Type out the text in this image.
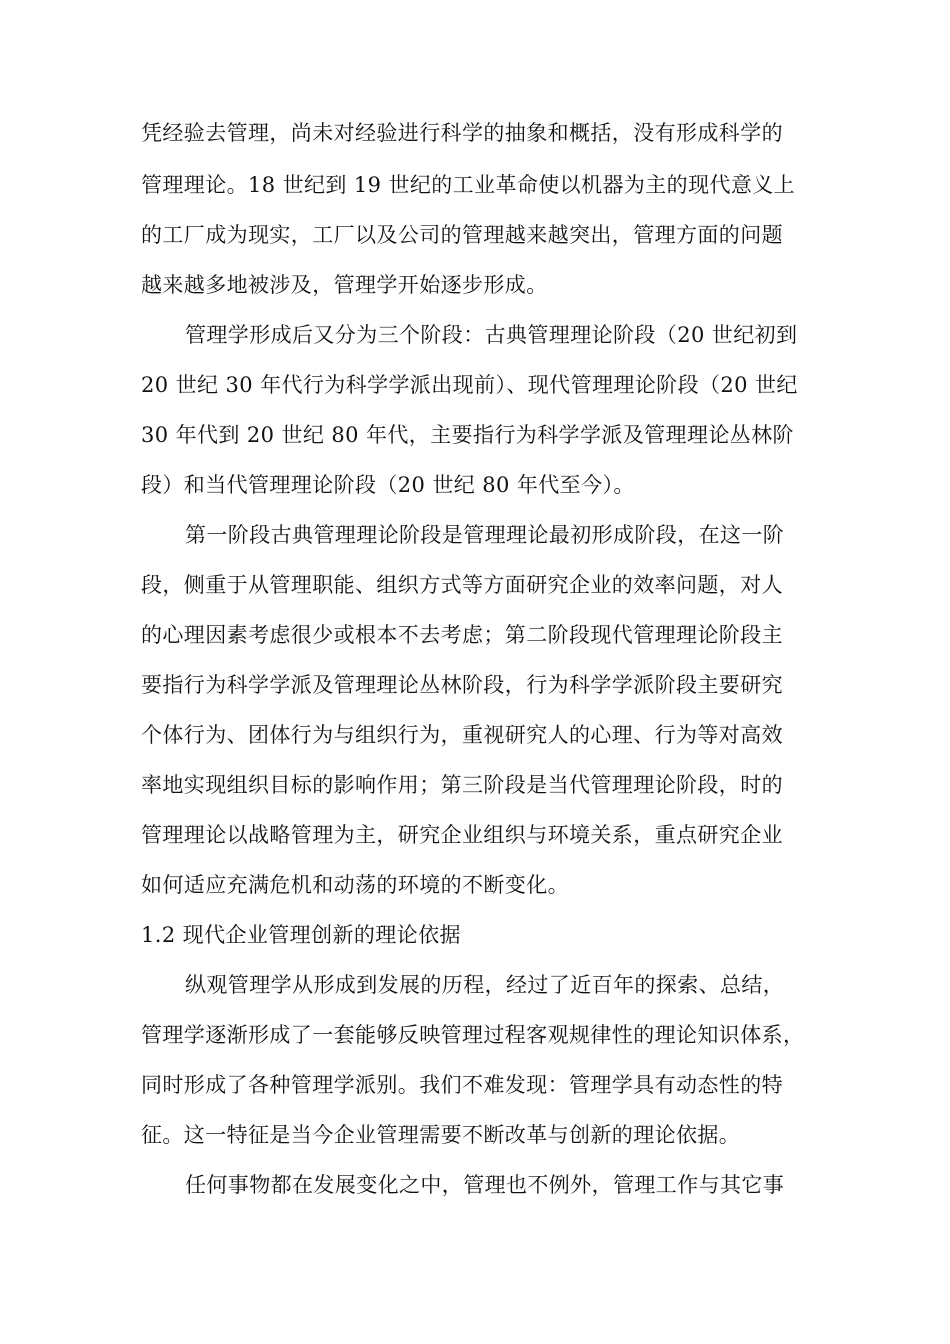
凭经验去管理，尚未对经验进行科学的抽象和概括，没有形成科学的
管理理论。18 世纪到 19 世纪的工业革命使以机器为主的现代意义上
的工厂成为现实，工厂以及公司的管理越来越突出，管理方面的问题
越来越多地被涉及，管理学开始逐步形成。
管理学形成后又分为三个阶段：古典管理理论阶段（20 世纪初到
20 世纪 30 年代行为科学学派出现前）、现代管理理论阶段（20 世纪
30 年代到 20 世纪 80 年代，主要指行为科学学派及管理理论丛林阶
段）和当代管理理论阶段（20 世纪 80 年代至今）。
第一阶段古典管理理论阶段是管理理论最初形成阶段，在这一阶
段，侧重于从管理职能、组织方式等方面研究企业的效率问题，对人
的心理因素考虑很少或根本不去考虑；第二阶段现代管理理论阶段主
要指行为科学学派及管理理论丛林阶段，行为科学学派阶段主要研究
个体行为、团体行为与组织行为，重视研究人的心理、行为等对高效
率地实现组织目标的影响作用；第三阶段是当代管理理论阶段，时的
管理理论以战略管理为主，研究企业组织与环境关系，重点研究企业
如何适应充满危机和动荡的环境的不断变化。
1.2 现代企业管理创新的理论依据
纵观管理学从形成到发展的历程，经过了近百年的探索、总结，
管理学逐渐形成了一套能够反映管理过程客观规律性的理论知识体系，
同时形成了各种管理学派别。我们不难发现：管理学具有动态性的特
征。这一特征是当今企业管理需要不断改革与创新的理论依据。
任何事物都在发展变化之中，管理也不例外，管理工作与其它事
